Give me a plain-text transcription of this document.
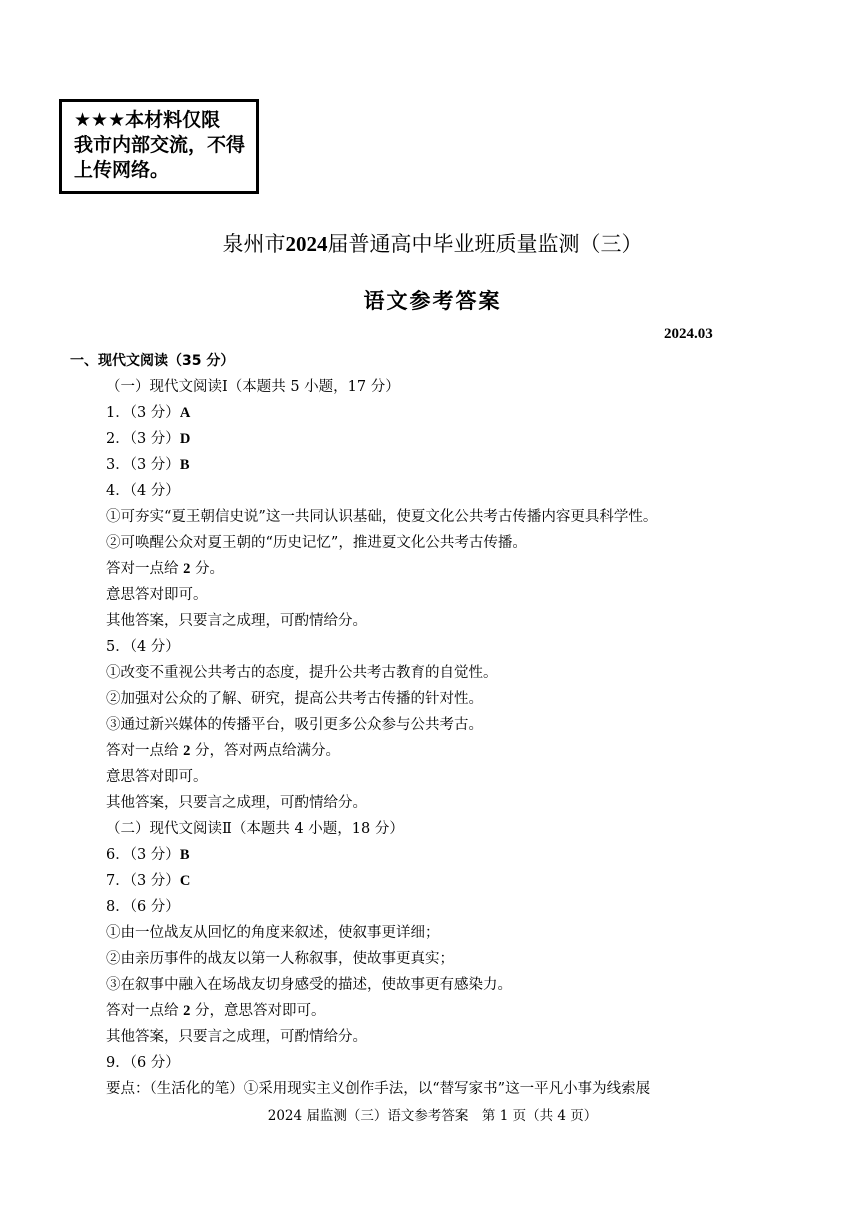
★★★本材料仅限
我市内部交流，不得
上传网络。
泉州市2024届普通高中毕业班质量监测（三）
语文参考答案
2024.03
一、现代文阅读（35 分）
（一）现代文阅读Ⅰ（本题共 5 小题，17 分）
1．（3 分）A
2．（3 分）D
3．（3 分）B
4．（4 分）
①可夯实“夏王朝信史说”这一共同认识基础，使夏文化公共考古传播内容更具科学性。
②可唤醒公众对夏王朝的“历史记忆”，推进夏文化公共考古传播。
答对一点给 2 分。
意思答对即可。
其他答案，只要言之成理，可酌情给分。
5．（4 分）
①改变不重视公共考古的态度，提升公共考古教育的自觉性。
②加强对公众的了解、研究，提高公共考古传播的针对性。
③通过新兴媒体的传播平台，吸引更多公众参与公共考古。
答对一点给 2 分，答对两点给满分。
意思答对即可。
其他答案，只要言之成理，可酌情给分。
（二）现代文阅读Ⅱ（本题共 4 小题，18 分）
6．（3 分）B
7．（3 分）C
8．（6 分）
①由一位战友从回忆的角度来叙述，使叙事更详细；
②由亲历事件的战友以第一人称叙事，使故事更真实；
③在叙事中融入在场战友切身感受的描述，使故事更有感染力。
答对一点给 2 分，意思答对即可。
其他答案，只要言之成理，可酌情给分。
9．（6 分）
要点：（生活化的笔）①采用现实主义创作手法，以“替写家书”这一平凡小事为线索展
2024 届监测（三）语文参考答案　第 1 页（共 4 页）
